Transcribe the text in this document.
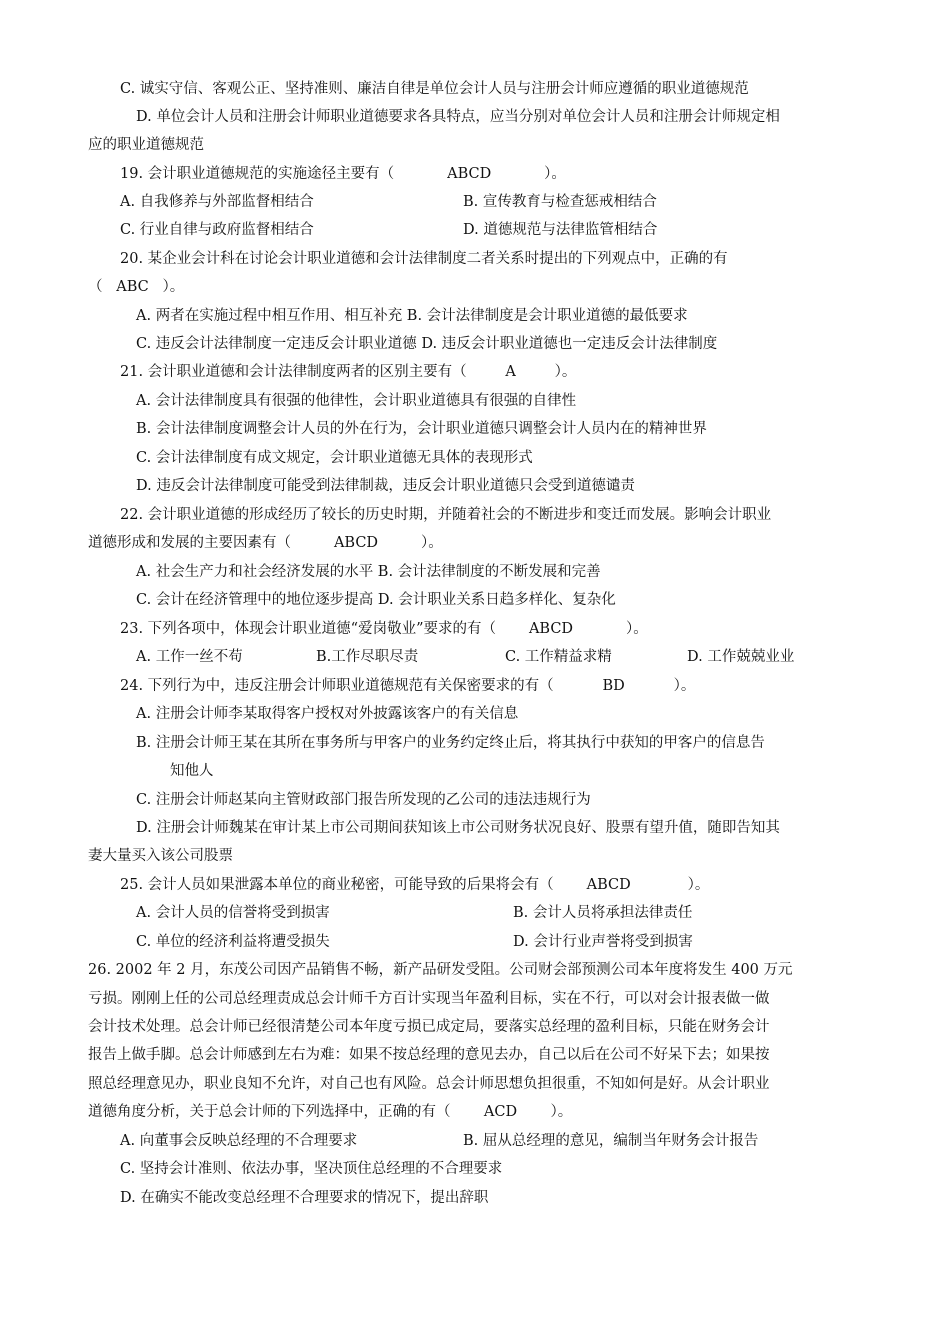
C. 诚实守信、客观公正、坚持准则、廉洁自律是单位会计人员与注册会计师应遵循的职业道德规范
D. 单位会计人员和注册会计师职业道德要求各具特点，应当分别对单位会计人员和注册会计师规定相
应的职业道德规范
19. 会计职业道德规范的实施途径主要有（	ABCD	）。
A. 自我修养与外部监督相结合	B. 宣传教育与检查惩戒相结合
C. 行业自律与政府监督相结合	D. 道德规范与法律监管相结合
20. 某企业会计科在讨论会计职业道德和会计法律制度二者关系时提出的下列观点中，正确的有
（ ABC ）。
A. 两者在实施过程中相互作用、相互补充 B. 会计法律制度是会计职业道德的最低要求
C. 违反会计法律制度一定违反会计职业道德 D. 违反会计职业道德也一定违反会计法律制度
21. 会计职业道德和会计法律制度两者的区别主要有（	A	）。
A. 会计法律制度具有很强的他律性，会计职业道德具有很强的自律性
B. 会计法律制度调整会计人员的外在行为，会计职业道德只调整会计人员内在的精神世界
C. 会计法律制度有成文规定，会计职业道德无具体的表现形式
D. 违反会计法律制度可能受到法律制裁，违反会计职业道德只会受到道德谴责
22. 会计职业道德的形成经历了较长的历史时期，并随着社会的不断进步和变迁而发展。影响会计职业
道德形成和发展的主要因素有（	ABCD	）。
A. 社会生产力和社会经济发展的水平 B. 会计法律制度的不断发展和完善
C. 会计在经济管理中的地位逐步提高 D. 会计职业关系日趋多样化、复杂化
23. 下列各项中，体现会计职业道德“爱岗敬业”要求的有（ ABCD	）。
A. 工作一丝不苟	B.工作尽职尽责	C. 工作精益求精	D. 工作兢兢业业
24. 下列行为中，违反注册会计师职业道德规范有关保密要求的有（	BD	）。
A. 注册会计师李某取得客户授权对外披露该客户的有关信息
B. 注册会计师王某在其所在事务所与甲客户的业务约定终止后，将其执行中获知的甲客户的信息告
知他人
C. 注册会计师赵某向主管财政部门报告所发现的乙公司的违法违规行为
D. 注册会计师魏某在审计某上市公司期间获知该上市公司财务状况良好、股票有望升值，随即告知其
妻大量买入该公司股票
25. 会计人员如果泄露本单位的商业秘密，可能导致的后果将会有（ ABCD	）。
A. 会计人员的信誉将受到损害	B. 会计人员将承担法律责任
C. 单位的经济利益将遭受损失	D. 会计行业声誉将受到损害
26. 2002 年 2 月，东茂公司因产品销售不畅，新产品研发受阻。公司财会部预测公司本年度将发生 400 万元
亏损。刚刚上任的公司总经理责成总会计师千方百计实现当年盈利目标，实在不行，可以对会计报表做一做
会计技术处理。总会计师已经很清楚公司本年度亏损已成定局，要落实总经理的盈利目标，只能在财务会计
报告上做手脚。总会计师感到左右为难：如果不按总经理的意见去办，自己以后在公司不好呆下去；如果按
照总经理意见办，职业良知不允许，对自己也有风险。总会计师思想负担很重，不知如何是好。从会计职业
道德角度分析，关于总会计师的下列选择中，正确的有（ ACD ）。
A. 向董事会反映总经理的不合理要求	B. 屈从总经理的意见，编制当年财务会计报告
C. 坚持会计准则、依法办事，坚决顶住总经理的不合理要求
D. 在确实不能改变总经理不合理要求的情况下，提出辞职
